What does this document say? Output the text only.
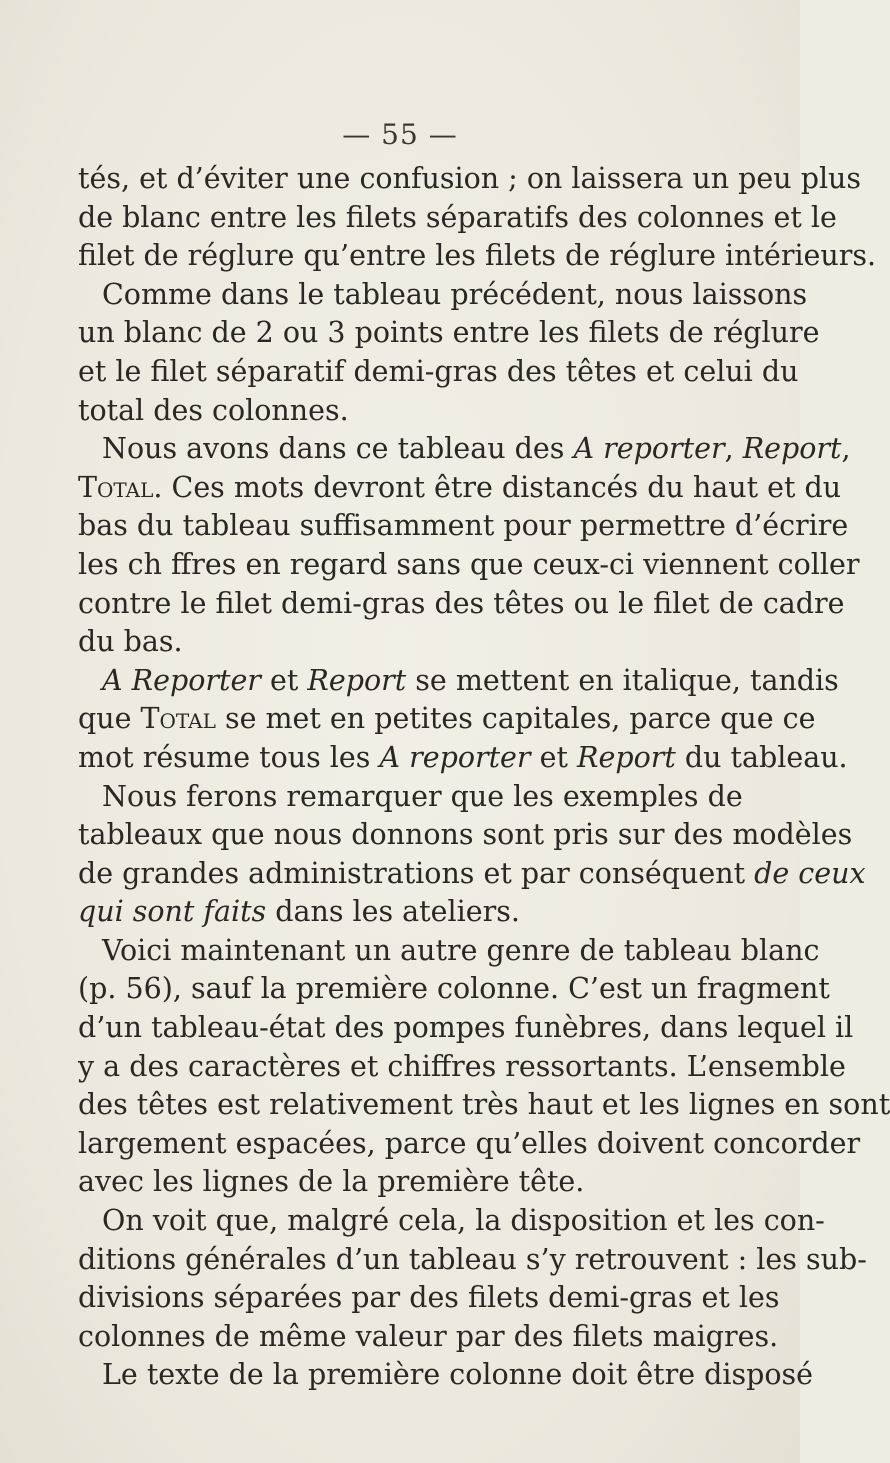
— 55 —
tés, et d’éviter une confusion ; on laissera un peu plus
de blanc entre les filets séparatifs des colonnes et le
filet de réglure qu’entre les filets de réglure intérieurs.
Comme dans le tableau précédent, nous laissons
un blanc de 2 ou 3 points entre les filets de réglure
et le filet séparatif demi-gras des têtes et celui du
total des colonnes.
Nous avons dans ce tableau des A reporter, Report,
Total. Ces mots devront être distancés du haut et du
bas du tableau suffisamment pour permettre d’écrire
les ch ffres en regard sans que ceux-ci viennent coller
contre le filet demi-gras des têtes ou le filet de cadre
du bas.
A Reporter et Report se mettent en italique, tandis
que Total se met en petites capitales, parce que ce
mot résume tous les A reporter et Report du tableau.
Nous ferons remarquer que les exemples de
tableaux que nous donnons sont pris sur des modèles
de grandes administrations et par conséquent de ceux
qui sont faits dans les ateliers.
Voici maintenant un autre genre de tableau blanc
(p. 56), sauf la première colonne. C’est un fragment
d’un tableau-état des pompes funèbres, dans lequel il
y a des caractères et chiffres ressortants. L’ensemble
des têtes est relativement très haut et les lignes en sont
largement espacées, parce qu’elles doivent concorder
avec les lignes de la première tête.
On voit que, malgré cela, la disposition et les con-
ditions générales d’un tableau s’y retrouvent : les sub-
divisions séparées par des filets demi-gras et les
colonnes de même valeur par des filets maigres.
Le texte de la première colonne doit être disposé
